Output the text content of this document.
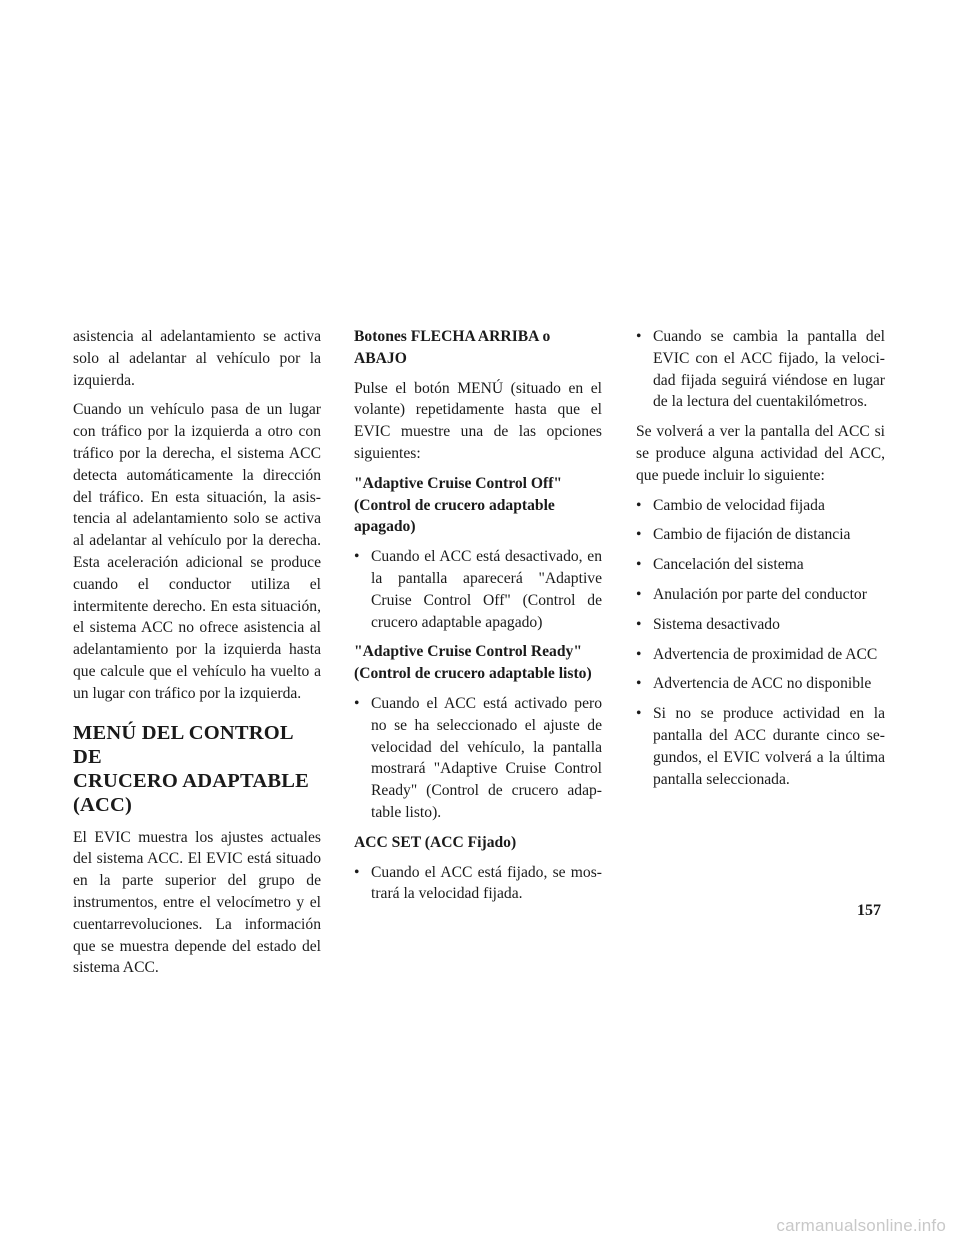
asistencia al adelantamiento se activa solo al adelantar al vehículo por la izquierda.

Cuando un vehículo pasa de un lugar con tráfico por la izquierda a otro con tráfico por la derecha, el sistema ACC detecta automáticamente la dirección del tráfico. En esta situación, la asistencia al adelantamiento solo se activa al adelantar al vehículo por la derecha. Esta aceleración adicional se produce cuando el conductor utiliza el intermitente derecho. En esta situación, el sistema ACC no ofrece asistencia al adelantamiento por la izquierda hasta que calcule que el vehículo ha vuelto a un lugar con tráfico por la izquierda.

MENÚ DEL CONTROL DE
CRUCERO ADAPTABLE
(ACC)

El EVIC muestra los ajustes actuales del sistema ACC. El EVIC está situado en la parte superior del grupo de instrumentos, entre el velocímetro y el cuentarrevoluciones. La información que se muestra depende del estado del sistema ACC.

Botones FLECHA ARRIBA o ABAJO

Pulse el botón MENÚ (situado en el volante) repetidamente hasta que el EVIC muestre una de las opciones siguientes:

"Adaptive Cruise Control Off" (Control de crucero adaptable apagado)

• Cuando el ACC está desactivado, en la pantalla aparecerá "Adaptive Cruise Control Off" (Control de crucero adaptable apagado)

"Adaptive Cruise Control Ready" (Control de crucero adaptable listo)

• Cuando el ACC está activado pero no se ha seleccionado el ajuste de velocidad del vehículo, la pantalla mostrará "Adaptive Cruise Control Ready" (Control de crucero adaptable listo).

ACC SET (ACC Fijado)

• Cuando el ACC está fijado, se mostrará la velocidad fijada.
• Cuando se cambia la pantalla del EVIC con el ACC fijado, la velocidad fijada seguirá viéndose en lugar de la lectura del cuentakilómetros.

Se volverá a ver la pantalla del ACC si se produce alguna actividad del ACC, que puede incluir lo siguiente:

• Cambio de velocidad fijada
• Cambio de fijación de distancia
• Cancelación del sistema
• Anulación por parte del conductor
• Sistema desactivado
• Advertencia de proximidad de ACC
• Advertencia de ACC no disponible
• Si no se produce actividad en la pantalla del ACC durante cinco segundos, el EVIC volverá a la última pantalla seleccionada.
157
carmanualsonline.info
